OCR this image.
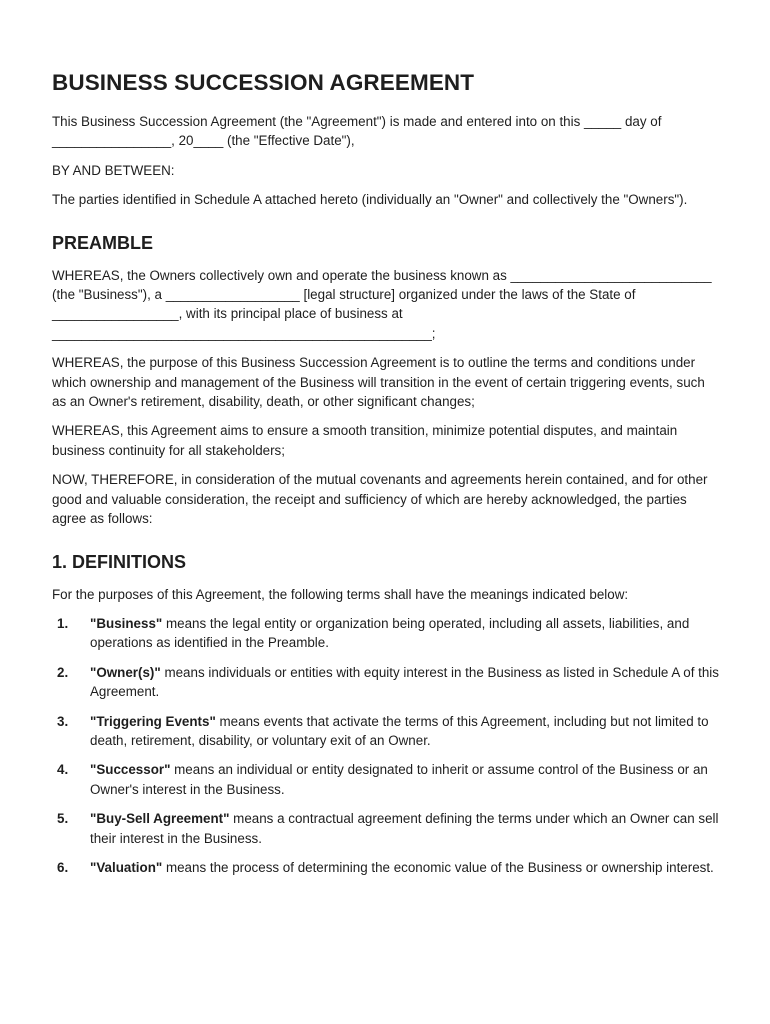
BUSINESS SUCCESSION AGREEMENT

This Business Succession Agreement (the "Agreement") is made and entered into on this _____ day of ________________, 20____ (the "Effective Date"),

BY AND BETWEEN:

The parties identified in Schedule A attached hereto (individually an "Owner" and collectively the "Owners").

PREAMBLE

WHEREAS, the Owners collectively own and operate the business known as ___________________________ (the "Business"), a __________________ [legal structure] organized under the laws of the State of _________________, with its principal place of business at ___________________________________________________;

WHEREAS, the purpose of this Business Succession Agreement is to outline the terms and conditions under which ownership and management of the Business will transition in the event of certain triggering events, such as an Owner's retirement, disability, death, or other significant changes;

WHEREAS, this Agreement aims to ensure a smooth transition, minimize potential disputes, and maintain business continuity for all stakeholders;

NOW, THEREFORE, in consideration of the mutual covenants and agreements herein contained, and for other good and valuable consideration, the receipt and sufficiency of which are hereby acknowledged, the parties agree as follows:

1. DEFINITIONS

For the purposes of this Agreement, the following terms shall have the meanings indicated below:

1. "Business" means the legal entity or organization being operated, including all assets, liabilities, and operations as identified in the Preamble.
2. "Owner(s)" means individuals or entities with equity interest in the Business as listed in Schedule A of this Agreement.
3. "Triggering Events" means events that activate the terms of this Agreement, including but not limited to death, retirement, disability, or voluntary exit of an Owner.
4. "Successor" means an individual or entity designated to inherit or assume control of the Business or an Owner's interest in the Business.
5. "Buy-Sell Agreement" means a contractual agreement defining the terms under which an Owner can sell their interest in the Business.
6. "Valuation" means the process of determining the economic value of the Business or ownership interest.
